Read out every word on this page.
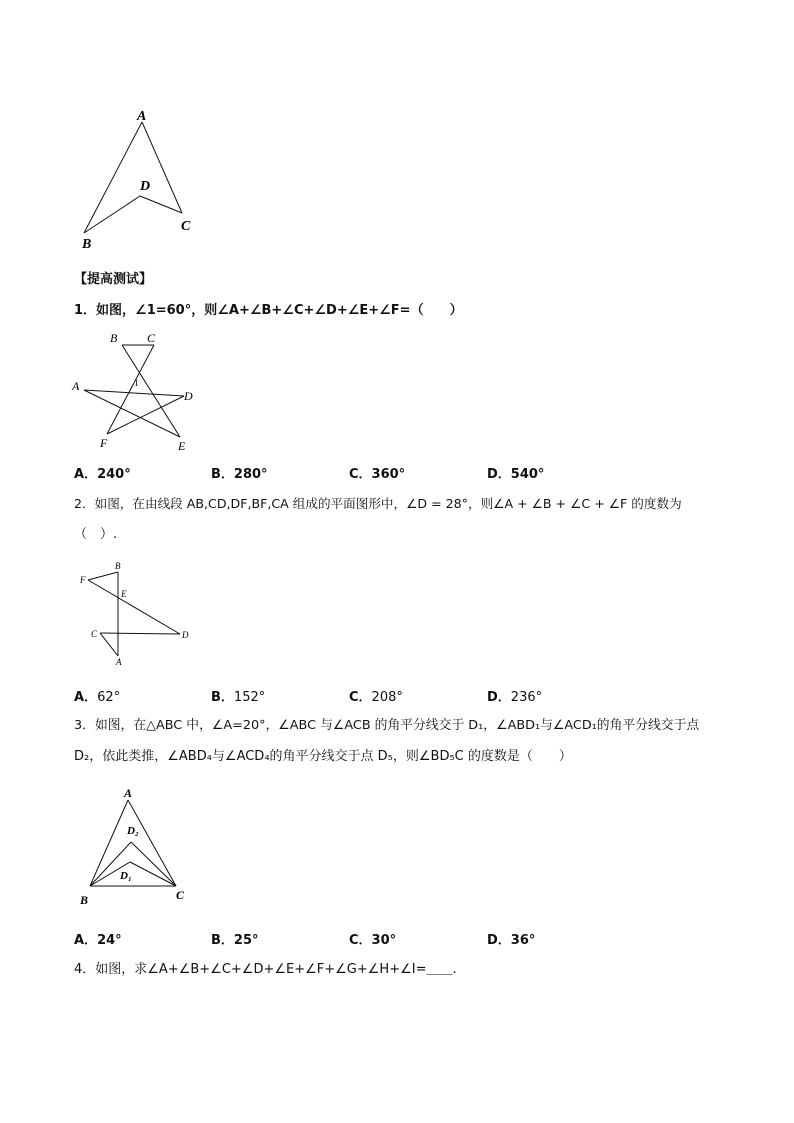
A
D
B
C
【提高测试】
1．如图，∠1=60°，则∠A+∠B+∠C+∠D+∠E+∠F=（　　）
B C
A	1
D
F	E
A．240°	B．280°	C．360°	D．540°
2．如图，在由线段 AB,CD,DF,BF,CA 组成的平面图形中，∠D = 28°，则∠A + ∠B + ∠C + ∠F 的度数为
（　）.
B
F
E
C	D
A
A．62°	B．152°	C．208°	D．236°
3．如图，在△ABC 中，∠A=20°，∠ABC 与∠ACB 的角平分线交于 D₁，∠ABD₁与∠ACD₁的角平分线交于点
D₂，依此类推，∠ABD₄与∠ACD₄的角平分线交于点 D₅，则∠BD₅C 的度数是（　　）
A
D₂
D₁
B	C
A．24°	B．25°	C．30°	D．36°
4．如图，求∠A+∠B+∠C+∠D+∠E+∠F+∠G+∠H+∠I=＿＿.
